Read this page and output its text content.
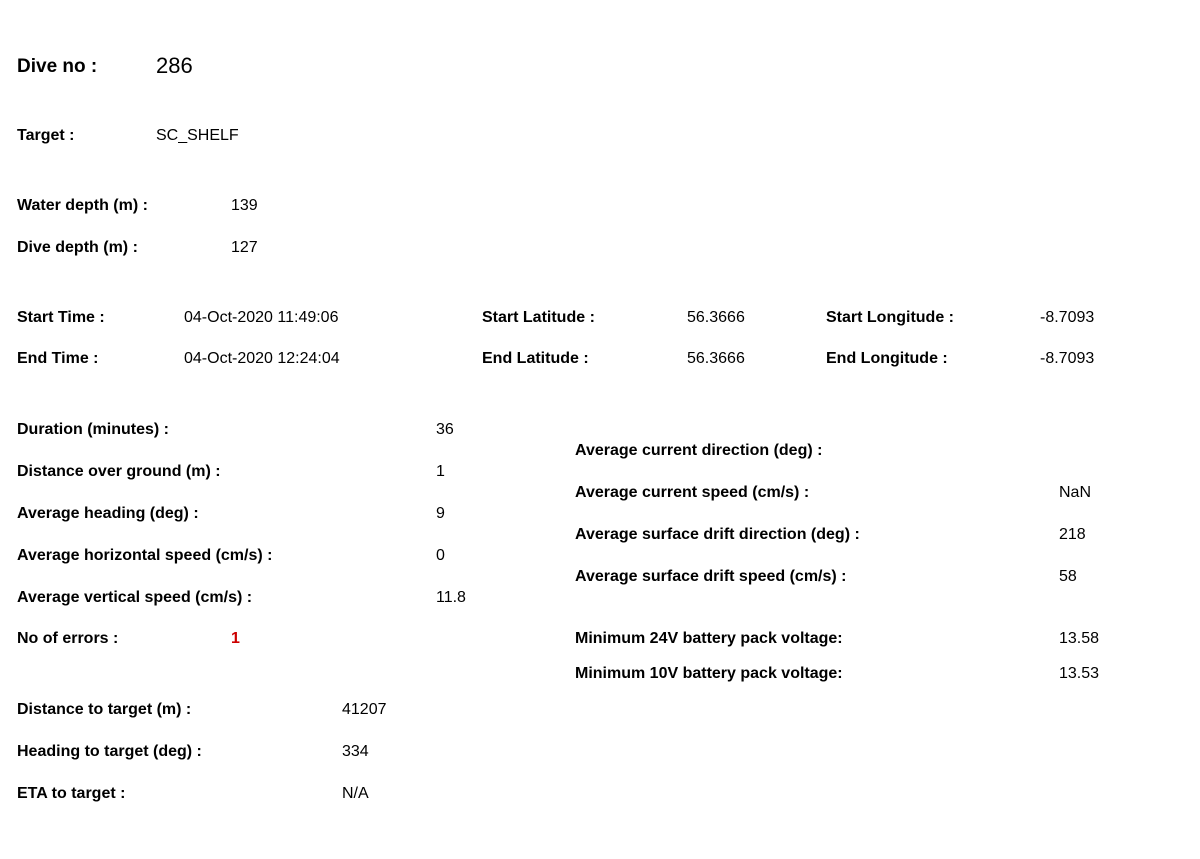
Dive no :	286
Target :	SC_SHELF
Water depth (m) :	139
Dive depth (m) :	127
Start Time :	04-Oct-2020 11:49:06	Start Latitude :	56.3666	Start Longitude :	-8.7093
End Time :	04-Oct-2020 12:24:04	End Latitude :	56.3666	End Longitude :	-8.7093
Duration (minutes) :	36
Distance over ground (m) :	1
Average heading (deg) :	9
Average horizontal speed (cm/s) :	0
Average vertical speed (cm/s) :	11.8
No of errors :	1
Average current direction (deg) :
Average current speed (cm/s) :	NaN
Average surface drift direction (deg) :	218
Average surface drift speed (cm/s) :	58
Minimum 24V battery pack voltage:	13.58
Minimum 10V battery pack voltage:	13.53
Distance to target (m) :	41207
Heading to target (deg) :	334
ETA to target :	N/A
